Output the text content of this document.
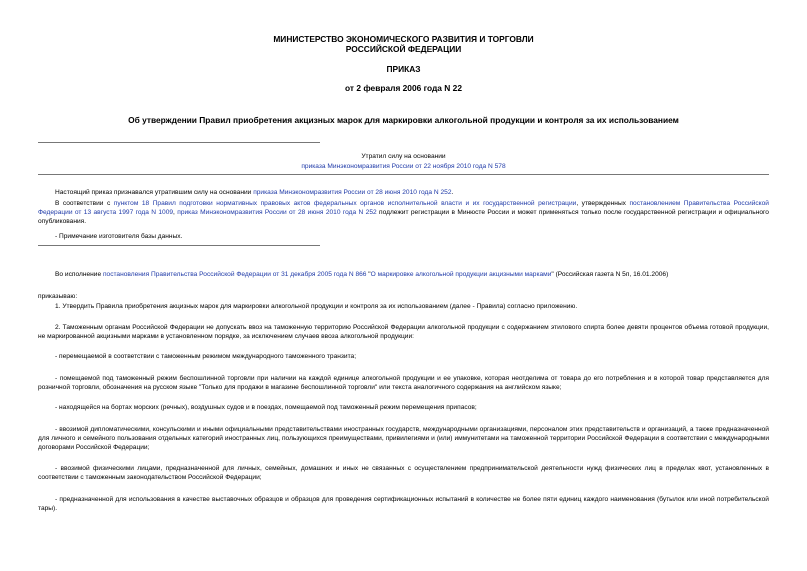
МИНИСТЕРСТВО ЭКОНОМИЧЕСКОГО РАЗВИТИЯ И ТОРГОВЛИ
РОССИЙСКОЙ ФЕДЕРАЦИИ
ПРИКАЗ
от 2 февраля 2006 года N 22
Об утверждении Правил приобретения акцизных марок для маркировки алкогольной продукции и контроля за их использованием
Утратил силу на основании
приказа Минэкономразвития России от 22 ноября 2010 года N 578

Настоящий приказ признавался утратившим силу на основании приказа Минэкономразвития России от 28 июня 2010 года N 252.

В соответствии с пунктом 18 Правил подготовки нормативных правовых актов федеральных органов исполнительной власти и их государственной регистрации, утвержденных постановлением Правительства Российской Федерации от 13 августа 1997 года N 1009, приказ Минэкономразвития России от 28 июня 2010 года N 252 подлежит регистрации в Минюсте России и может применяться только после государственной регистрации и официального опубликования.

- Примечание изготовителя базы данных.

Во исполнение постановления Правительства Российской Федерации от 31 декабря 2005 года N 866 "О маркировке алкогольной продукции акцизными марками" (Российская газета N 5п, 16.01.2006)

приказываю:

1. Утвердить Правила приобретения акцизных марок для маркировки алкогольной продукции и контроля за их использованием (далее - Правила) согласно приложению.

2. Таможенным органам Российской Федерации не допускать ввоз на таможенную территорию Российской Федерации алкогольной продукции с содержанием этилового спирта более девяти процентов объема готовой продукции, не маркированной акцизными марками в установленном порядке, за исключением случаев ввоза алкогольной продукции:

- перемещаемой в соответствии с таможенным режимом международного таможенного транзита;

- помещаемой под таможенный режим беспошлинной торговли при наличии на каждой единице алкогольной продукции и ее упаковке, которая неотделима от товара до его потребления и в которой товар представляется для розничной торговли, обозначения на русском языке "Только для продажи в магазине беспошлинной торговли" или текста аналогичного содержания на английском языке;

- находящейся на бортах морских (речных), воздушных судов и в поездах, помещаемой под таможенный режим перемещения припасов;

- ввозимой дипломатическими, консульскими и иными официальными представительствами иностранных государств, международными организациями, персоналом этих представительств и организаций, а также предназначенной для личного и семейного пользования отдельных категорий иностранных лиц, пользующихся преимуществами, привилегиями и (или) иммунитетами на таможенной территории Российской Федерации в соответствии с международными договорами Российской Федерации;

- ввозимой физическими лицами, предназначенной для личных, семейных, домашних и иных не связанных с осуществлением предпринимательской деятельности нужд физических лиц в пределах квот, установленных в соответствии с таможенным законодательством Российской Федерации;

- предназначенной для использования в качестве выставочных образцов и образцов для проведения сертификационных испытаний в количестве не более пяти единиц каждого наименования (бутылок или иной потребительской тары).
